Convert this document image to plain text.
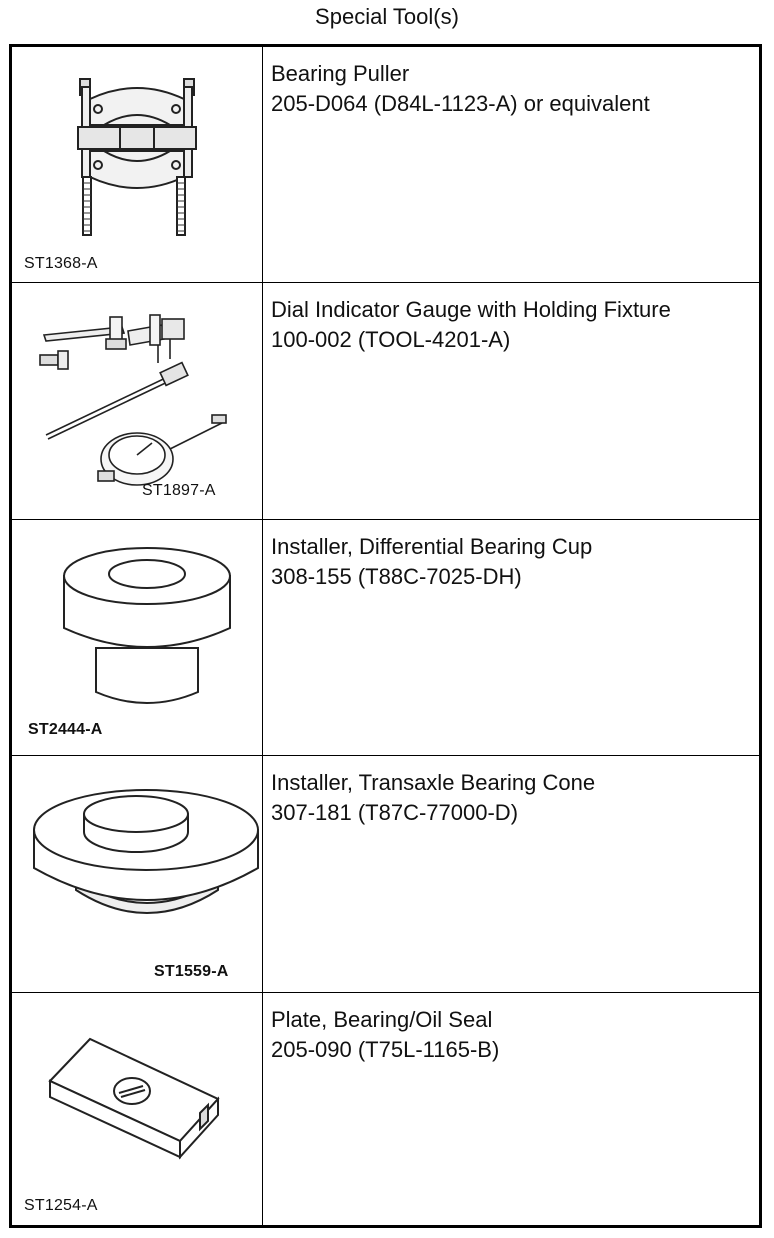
Special Tool(s)
ST1368-A
Bearing Puller
205-D064 (D84L-1123-A) or equivalent
ST1897-A
Dial Indicator Gauge with Holding Fixture
100-002 (TOOL-4201-A)
ST2444-A
Installer, Differential Bearing Cup
308-155 (T88C-7025-DH)
ST1559-A
Installer, Transaxle Bearing Cone
307-181 (T87C-77000-D)
ST1254-A
Plate, Bearing/Oil Seal
205-090 (T75L-1165-B)
